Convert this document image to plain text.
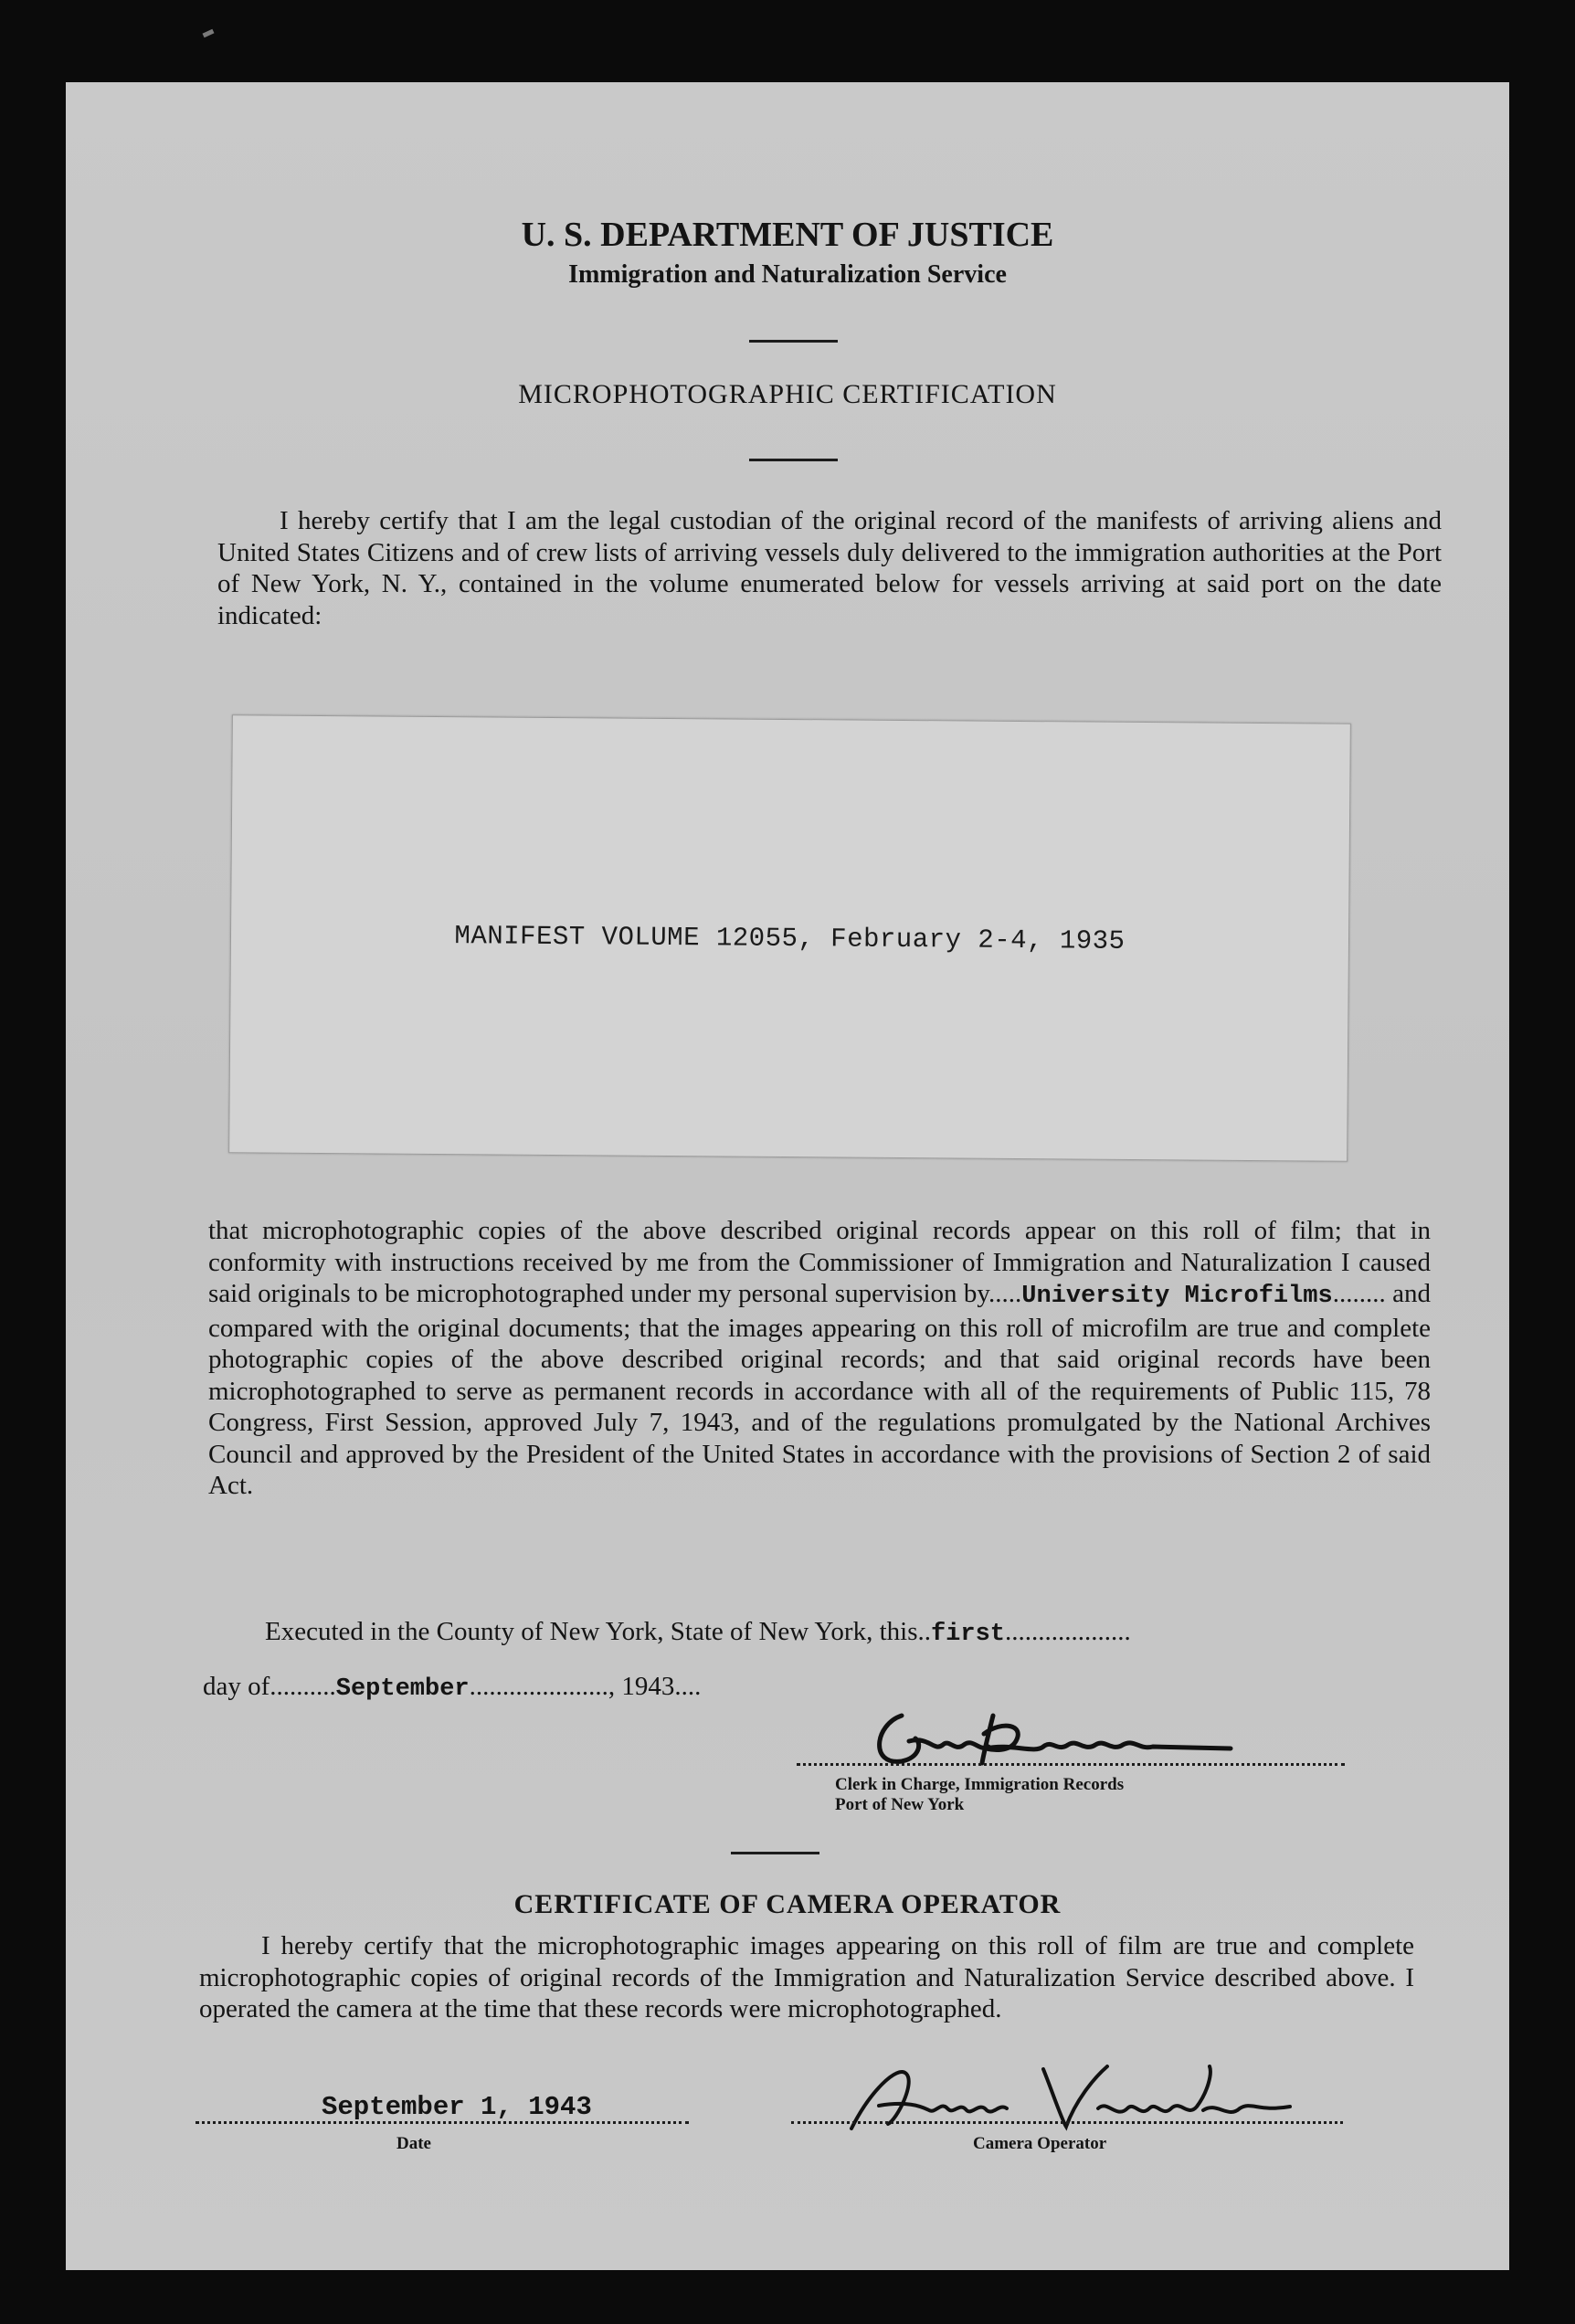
U. S. DEPARTMENT OF JUSTICE
Immigration and Naturalization Service
MICROPHOTOGRAPHIC CERTIFICATION

I hereby certify that I am the legal custodian of the original record of the manifests of arriving aliens and United States Citizens and of crew lists of arriving vessels duly delivered to the immigration authorities at the Port of New York, N. Y., contained in the volume enumerated below for vessels arriving at said port on the date indicated:

MANIFEST VOLUME 12055, February 2-4, 1935

that microphotographic copies of the above described original records appear on this roll of film; that in conformity with instructions received by me from the Commissioner of Immigration and Naturalization I caused said originals to be microphotographed under my personal supervision by.....University Microfilms........ and compared with the original documents; that the images appearing on this roll of microfilm are true and complete photographic copies of the above described original records; and that said original records have been microphotographed to serve as permanent records in accordance with all of the requirements of Public 115, 78 Congress, First Session, approved July 7, 1943, and of the regulations promulgated by the National Archives Council and approved by the President of the United States in accordance with the provisions of Section 2 of said Act.

Executed in the County of New York, State of New York, this..first...................
day of..........September....................., 1943....
Clerk in Charge, Immigration Records
Port of New York
CERTIFICATE OF CAMERA OPERATOR

I hereby certify that the microphotographic images appearing on this roll of film are true and complete microphotographic copies of original records of the Immigration and Naturalization Service described above. I operated the camera at the time that these records were microphotographed.

September 1, 1943
Date	Camera Operator
